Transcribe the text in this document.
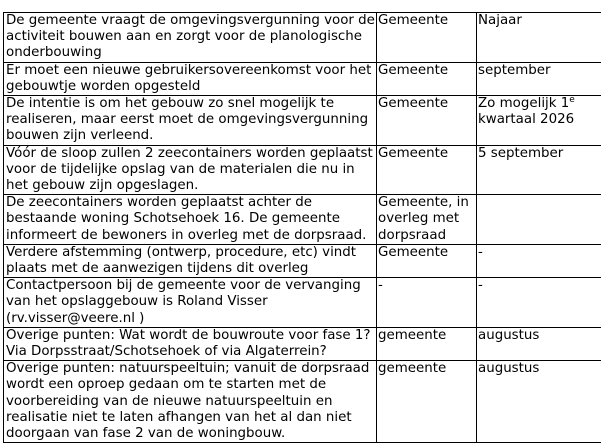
De gemeente vraagt de omgevingsvergunning voor de activiteit bouwen aan en zorgt voor de planologische onderbouwing	Gemeente	Najaar
Er moet een nieuwe gebruikersovereenkomst voor het gebouwtje worden opgesteld	Gemeente	september
De intentie is om het gebouw zo snel mogelijk te realiseren, maar eerst moet de omgevingsvergunning bouwen zijn verleend.	Gemeente	Zo mogelijk 1e kwartaal 2026
Vóór de sloop zullen 2 zeecontainers worden geplaatst voor de tijdelijke opslag van de materialen die nu in het gebouw zijn opgeslagen.	Gemeente	5 september
De zeecontainers worden geplaatst achter de bestaande woning Schotsehoek 16. De gemeente informeert de bewoners in overleg met de dorpsraad.	Gemeente, in overleg met dorpsraad	
Verdere afstemming (ontwerp, procedure, etc) vindt plaats met de aanwezigen tijdens dit overleg	Gemeente	-
Contactpersoon bij de gemeente voor de vervanging van het opslaggebouw is Roland Visser (rv.visser@veere.nl )	-	-
Overige punten: Wat wordt de bouwroute voor fase 1? Via Dorpsstraat/Schotsehoek of via Algaterrein?	gemeente	augustus
Overige punten: natuurspeeltuin; vanuit de dorpsraad wordt een oproep gedaan om te starten met de voorbereiding van de nieuwe natuurspeeltuin en realisatie niet te laten afhangen van het al dan niet doorgaan van fase 2 van de woningbouw.	gemeente	augustus
